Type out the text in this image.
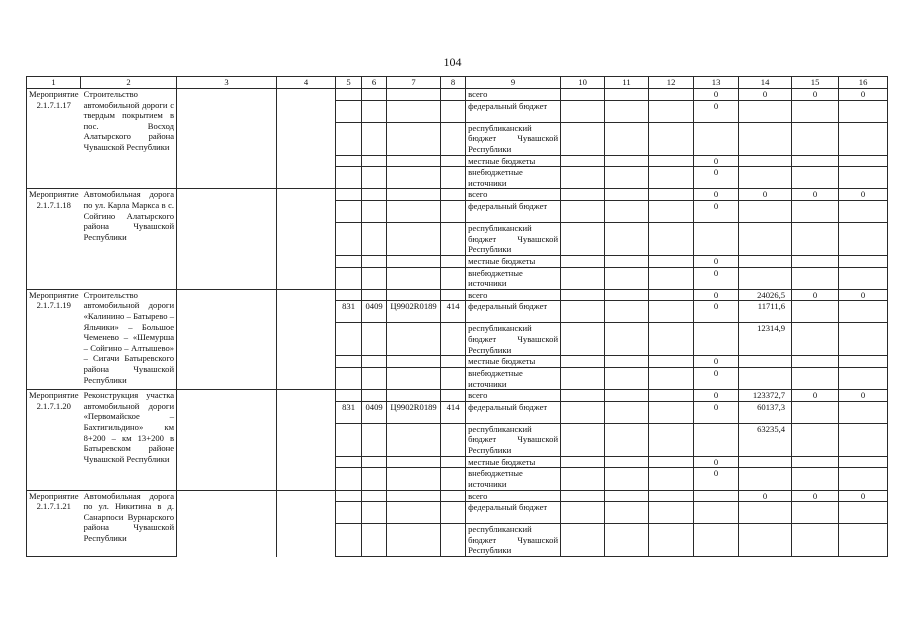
104
1	2	3	4	5	6	7	8	9	10	11	12	13	14	15	16
Мероприятие 2.1.7.1.17	Строительство автомобильной дороги с твердым покрытием в пос. Восход Алатырского района Чувашской Республики							всего				0	0	0	0
								федеральный бюджет				0			
								республиканский бюджет Чувашской Республики							
								местные бюджеты				0			
								внебюджетные источники				0			
Мероприятие 2.1.7.1.18	Автомобильная дорога по ул. Карла Маркса в с. Сойгино Алатырского района Чувашской Республики							всего				0	0	0	0
								федеральный бюджет				0			
								республиканский бюджет Чувашской Республики							
								местные бюджеты				0			
								внебюджетные источники				0			
Мероприятие 2.1.7.1.19	Строительство автомобильной дороги «Калинино – Батырево – Яльчики» – Большое Чеменево – «Шемурша – Сойгино – Алтышево» – Сигачи Батыревского района Чувашской Республики							всего				0	24026,5	0	0
				831	0409	Ц9902R0189	414	федеральный бюджет				0	11711,6		
								республиканский бюджет Чувашской Республики					12314,9		
								местные бюджеты				0			
								внебюджетные источники				0			
Мероприятие 2.1.7.1.20	Реконструкция участка автомобильной дороги «Первомайское – Бахтигильдино» км 8+200 – км 13+200 в Батыревском районе Чувашской Республики							всего				0	123372,7	0	0
				831	0409	Ц9902R0189	414	федеральный бюджет				0	60137,3		
								республиканский бюджет Чувашской Республики					63235,4		
								местные бюджеты				0			
								внебюджетные источники				0			
Мероприятие 2.1.7.1.21	Автомобильная дорога по ул. Никитина в д. Санарпоси Вурнарского района Чувашской Республики							всего					0	0	0
								федеральный бюджет							
								республиканский бюджет Чувашской Республики							
